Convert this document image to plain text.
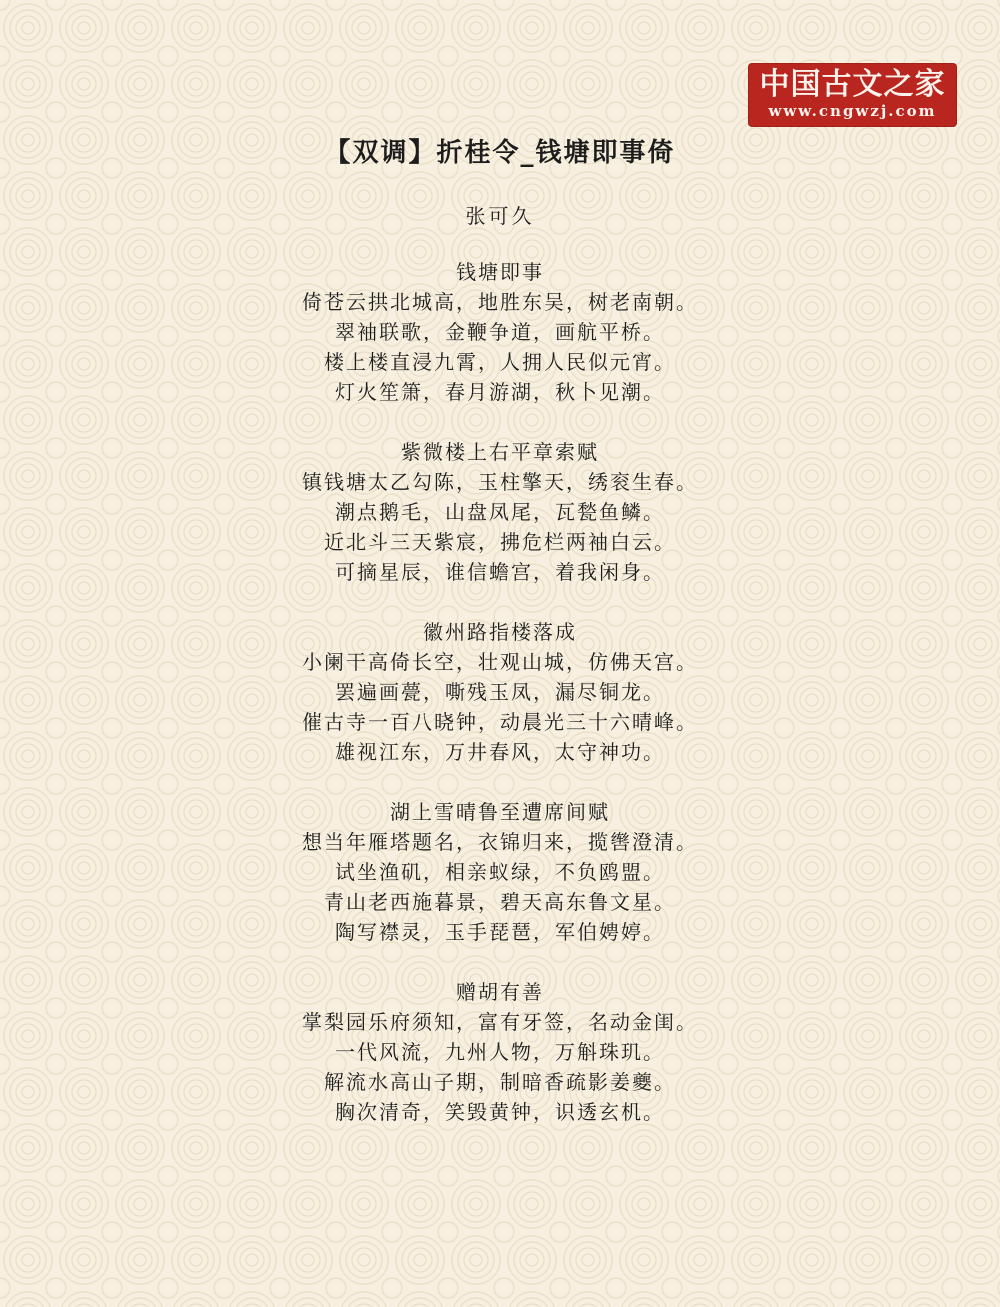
中国古文之家
www.cngwzj.com
【双调】折桂令_钱塘即事倚
张可久
钱塘即事
倚苍云拱北城高，地胜东吴，树老南朝。
翠袖联歌，金鞭争道，画航平桥。
楼上楼直浸九霄，人拥人民似元宵。
灯火笙箫，春月游湖，秋卜见潮。
紫微楼上右平章索赋
镇钱塘太乙勾陈，玉柱擎天，绣衮生春。
潮点鹅毛，山盘凤尾，瓦甃鱼鳞。
近北斗三天紫宸，拂危栏两袖白云。
可摘星辰，谁信蟾宫，着我闲身。
徽州路指楼落成
小阑干高倚长空，壮观山城，仿佛天宫。
罢遍画甍，嘶残玉凤，漏尽铜龙。
催古寺一百八晓钟，动晨光三十六晴峰。
雄视江东，万井春风，太守神功。
湖上雪晴鲁至遭席间赋
想当年雁塔题名，衣锦归来，揽辔澄清。
试坐渔矶，相亲蚁绿，不负鸥盟。
青山老西施暮景，碧天高东鲁文星。
陶写襟灵，玉手琵琶，军伯娉婷。
赠胡有善
掌梨园乐府须知，富有牙签，名动金闺。
一代风流，九州人物，万斛珠玑。
解流水高山子期，制暗香疏影姜夔。
胸次清奇，笑毁黄钟，识透玄机。
